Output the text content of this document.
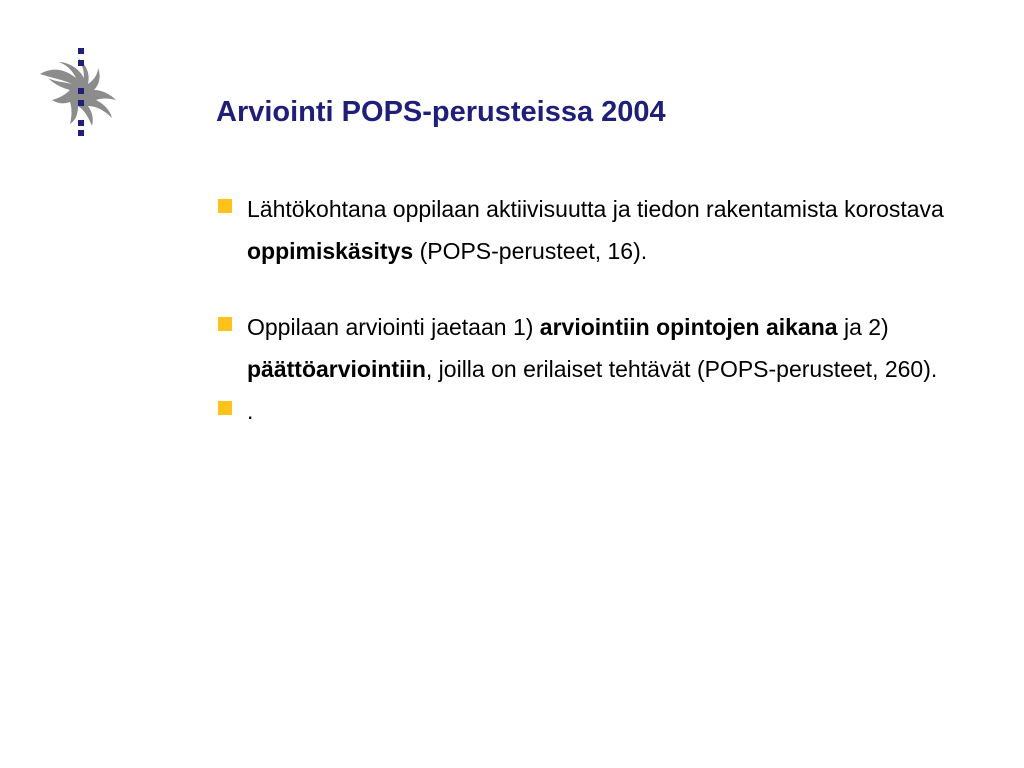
Arviointi POPS-perusteissa 2004
Lähtökohtana oppilaan aktiivisuutta ja tiedon rakentamista korostava oppimiskäsitys (POPS-perusteet, 16).
Oppilaan arviointi jaetaan 1) arviointiin opintojen aikana ja 2) päättöarviointiin, joilla on erilaiset tehtävät (POPS-perusteet, 260).
.
